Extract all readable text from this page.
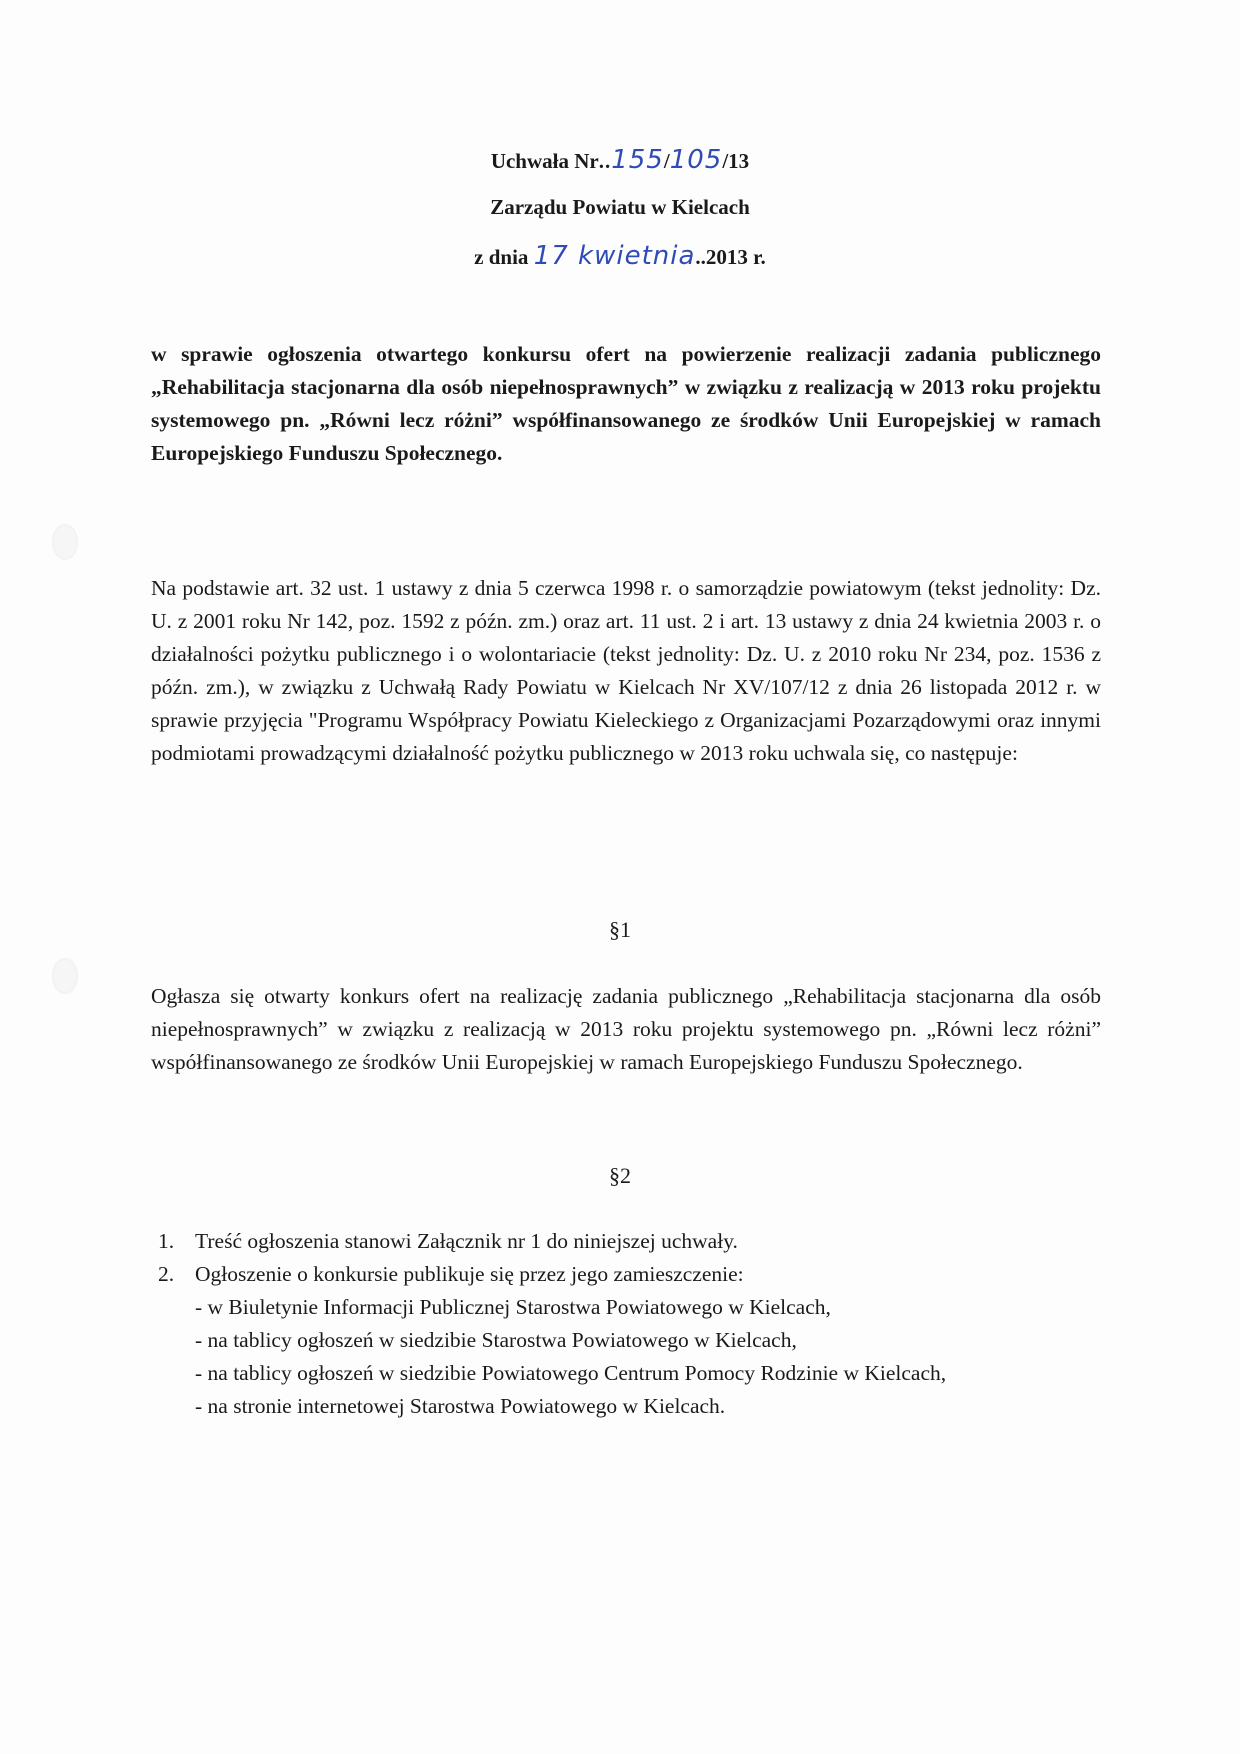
Uchwała Nr..155/105/13
Zarządu Powiatu w Kielcach
z dnia 17 kwietnia..2013 r.
w sprawie ogłoszenia otwartego konkursu ofert na powierzenie realizacji zadania publicznego „Rehabilitacja stacjonarna dla osób niepełnosprawnych” w związku z realizacją w 2013 roku projektu systemowego pn. „Równi lecz różni” współfinansowanego ze środków Unii Europejskiej w ramach Europejskiego Funduszu Społecznego.
Na podstawie art. 32 ust. 1 ustawy z dnia 5 czerwca 1998 r. o samorządzie powiatowym (tekst jednolity: Dz. U. z 2001 roku Nr 142, poz. 1592 z późn. zm.) oraz art. 11 ust. 2 i art. 13 ustawy z dnia 24 kwietnia 2003 r. o działalności pożytku publicznego i o wolontariacie (tekst jednolity: Dz. U. z 2010 roku Nr 234, poz. 1536 z późn. zm.), w związku z Uchwałą Rady Powiatu w Kielcach Nr XV/107/12 z dnia 26 listopada 2012 r. w sprawie przyjęcia "Programu Współpracy Powiatu Kieleckiego z Organizacjami Pozarządowymi oraz innymi podmiotami prowadzącymi działalność pożytku publicznego w 2013 roku uchwala się, co następuje:
§1
Ogłasza się otwarty konkurs ofert na realizację zadania publicznego „Rehabilitacja stacjonarna dla osób niepełnosprawnych” w związku z realizacją w 2013 roku projektu systemowego pn. „Równi lecz różni” współfinansowanego ze środków Unii Europejskiej w ramach Europejskiego Funduszu Społecznego.
§2
1. Treść ogłoszenia stanowi Załącznik nr 1 do niniejszej uchwały.
2. Ogłoszenie o konkursie publikuje się przez jego zamieszczenie:
- w Biuletynie Informacji Publicznej Starostwa Powiatowego w Kielcach,
- na tablicy ogłoszeń w siedzibie Starostwa Powiatowego w Kielcach,
- na tablicy ogłoszeń w siedzibie Powiatowego Centrum Pomocy Rodzinie w Kielcach,
- na stronie internetowej Starostwa Powiatowego w Kielcach.
